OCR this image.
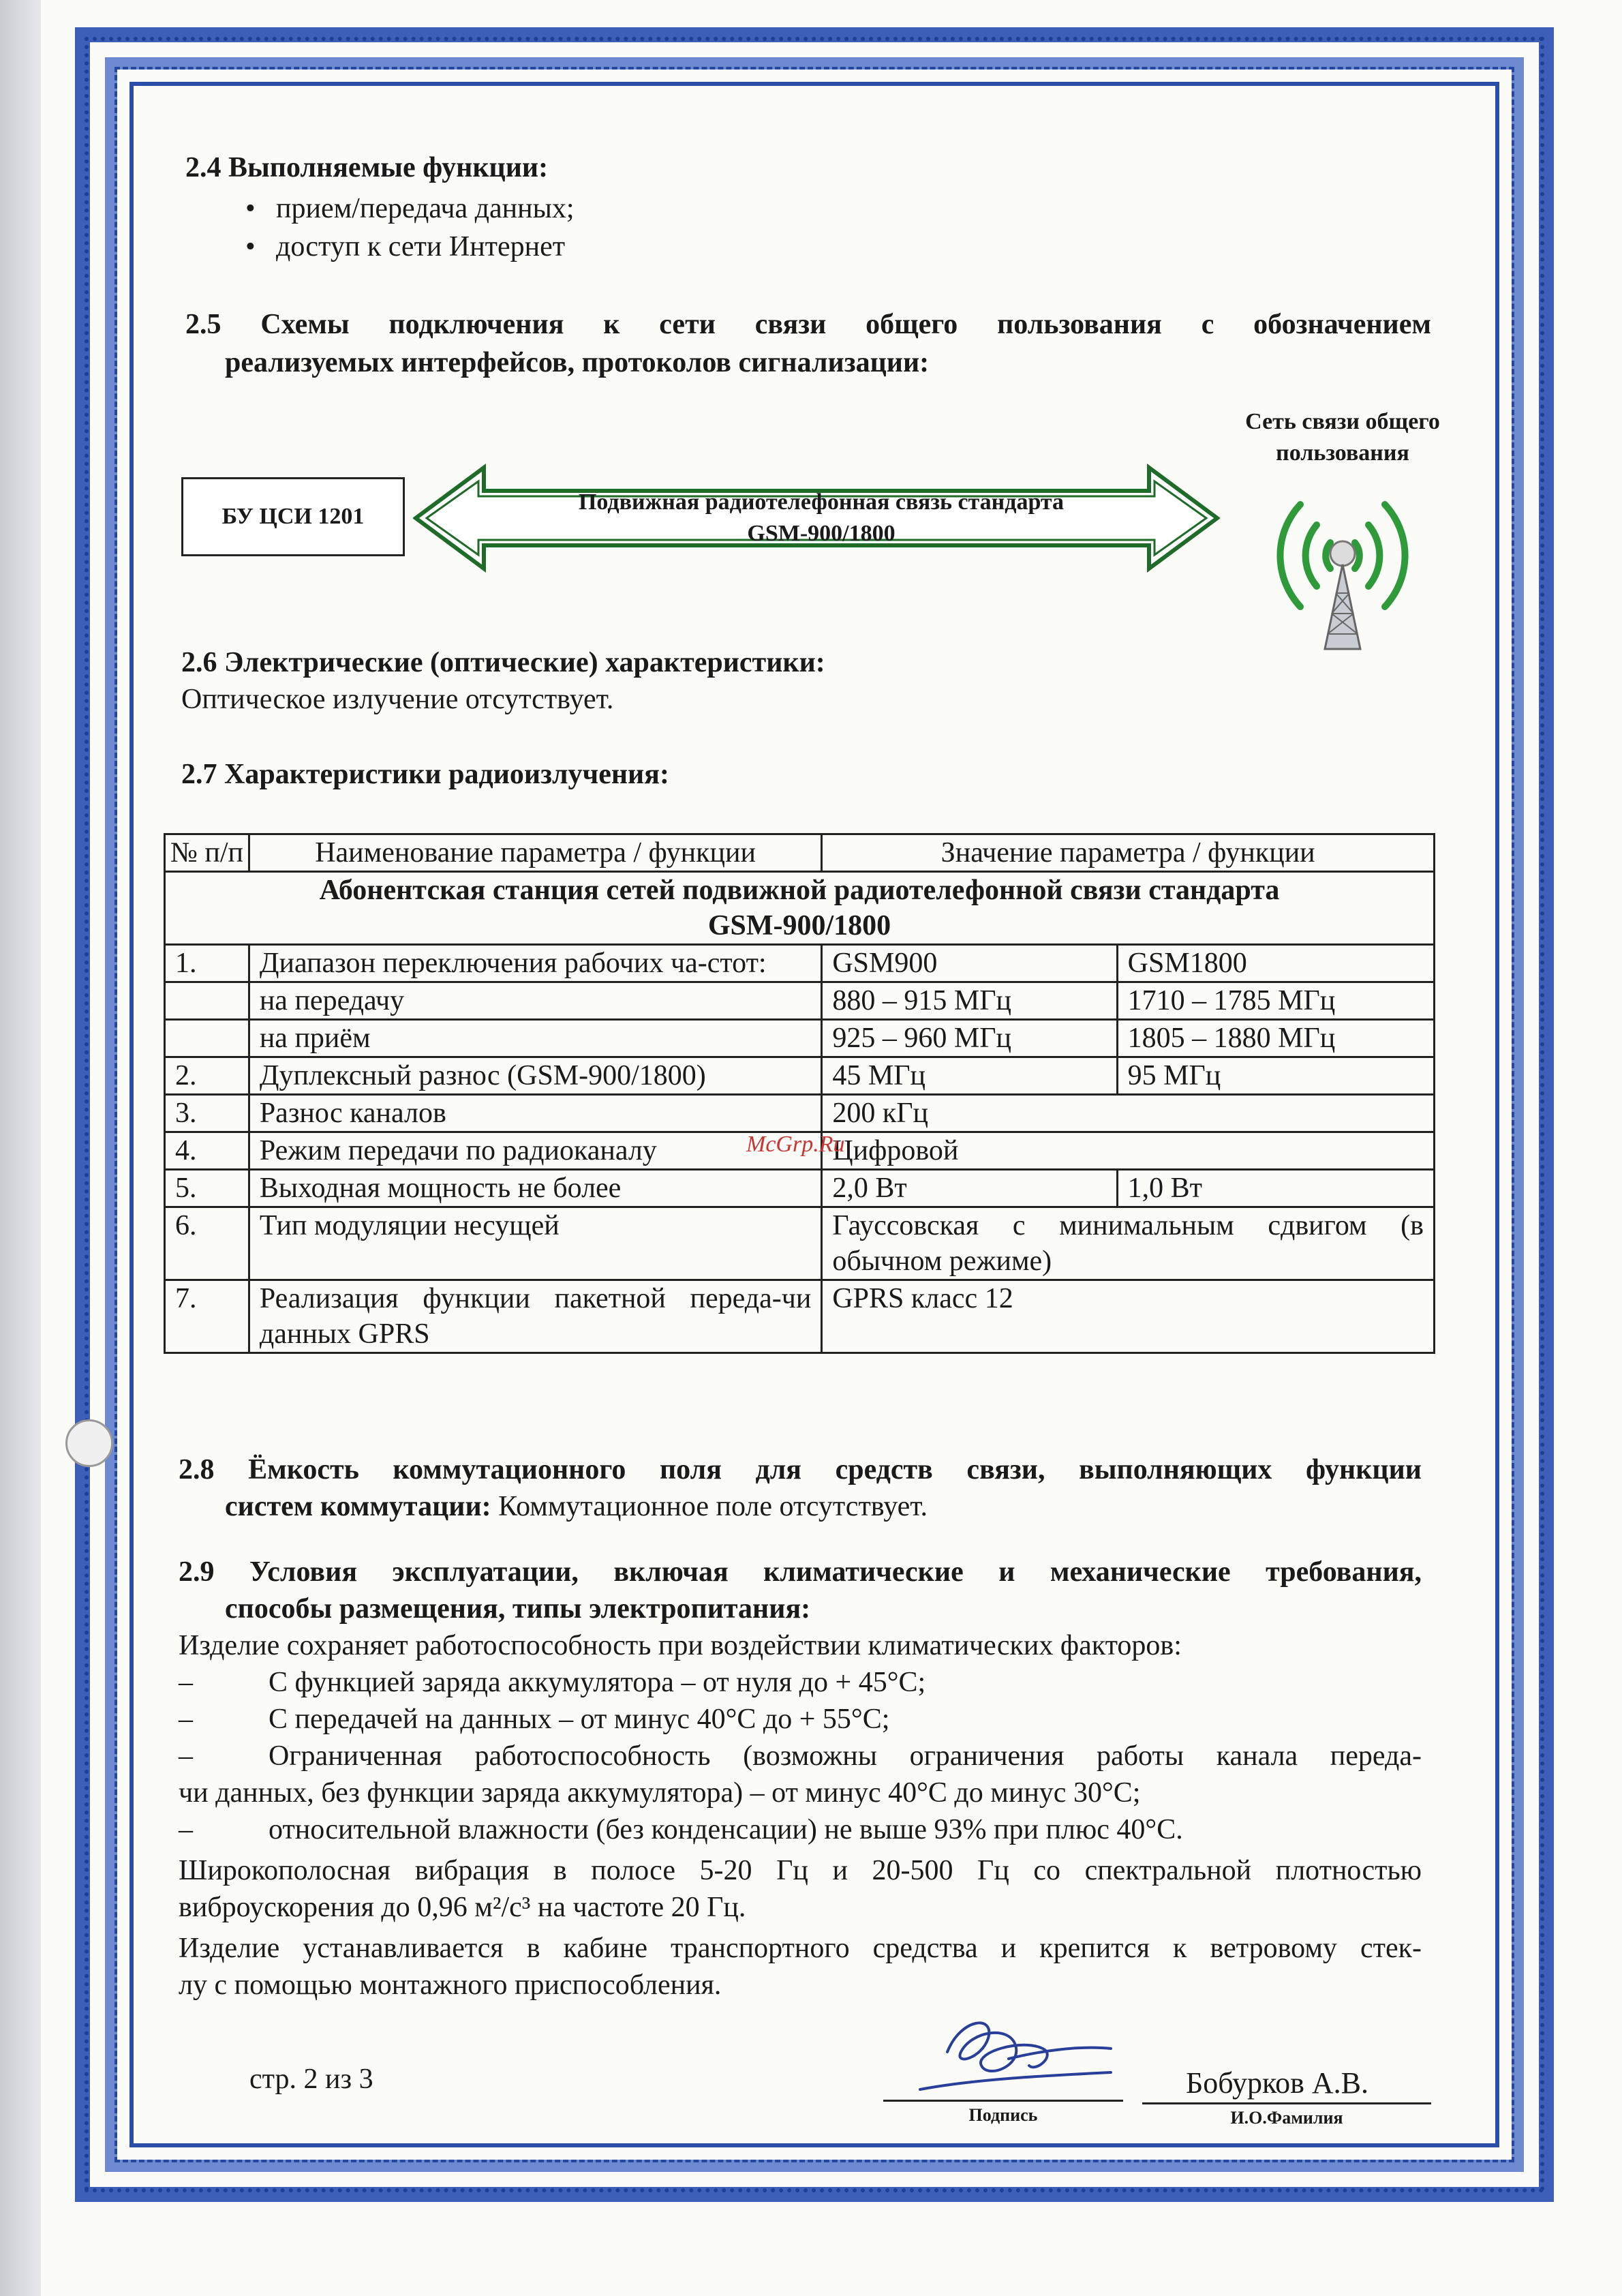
2.4 Выполняемые функции:
• прием/передача данных;
• доступ к сети Интернет
2.5 Схемы подключения к сети связи общего пользования с обозначением
реализуемых интерфейсов, протоколов сигнализации:
БУ ЦСИ 1201
Подвижная радиотелефонная связь стандарта
GSM-900/1800
Сеть связи общего
пользования
2.6 Электрические (оптические) характеристики:
Оптическое излучение отсутствует.
2.7 Характеристики радиоизлучения:
№ п/п	Наименование параметра / функции	Значение параметра / функции	

Абонентская станция сетей подвижной радиотелефонной связи стандарта
GSM-900/1800			

1.	Диапазон переключения рабочих ча-стот:	GSM900	GSM1800
	на передачу	880 – 915 МГц	1710 – 1785 МГц
	на приём	925 – 960 МГц	1805 – 1880 МГц
2.	Дуплексный разнос (GSM-900/1800)	45 МГц	95 МГц
3.	Разнос каналов	200 кГц	
4.	Режим передачи по радиоканалу	Цифровой	
5.	Выходная мощность не более	2,0 Вт	1,0 Вт
6.	Тип модуляции несущей	Гауссовская с минимальным сдвигом (в обычном режиме)	
7.	Реализация функции пакетной переда-чи данных GPRS	GPRS класс 12	
McGrp.Ru
2.8 Ёмкость коммутационного поля для средств связи, выполняющих функции
систем коммутации: Коммутационное поле отсутствует.
2.9 Условия эксплуатации, включая климатические и механические требования,
способы размещения, типы электропитания:
Изделие сохраняет работоспособность при воздействии климатических факторов:
–	С функцией заряда аккумулятора – от нуля до + 45°С;
–	С передачей на данных – от минус 40°С до + 55°С;
–	Ограниченная работоспособность (возможны ограничения работы канала переда-
чи данных, без функции заряда аккумулятора) – от минус 40°С до минус 30°С;
–	относительной влажности (без конденсации) не выше 93% при плюс 40°С.
Широкополосная вибрация в полосе 5-20 Гц и 20-500 Гц со спектральной плотностью
виброускорения до 0,96 м²/с³ на частоте 20 Гц.
Изделие устанавливается в кабине транспортного средства и крепится к ветровому стек-
лу с помощью монтажного приспособления.
стр. 2 из 3
Подпись
Бобурков А.В.
И.О.Фамилия
